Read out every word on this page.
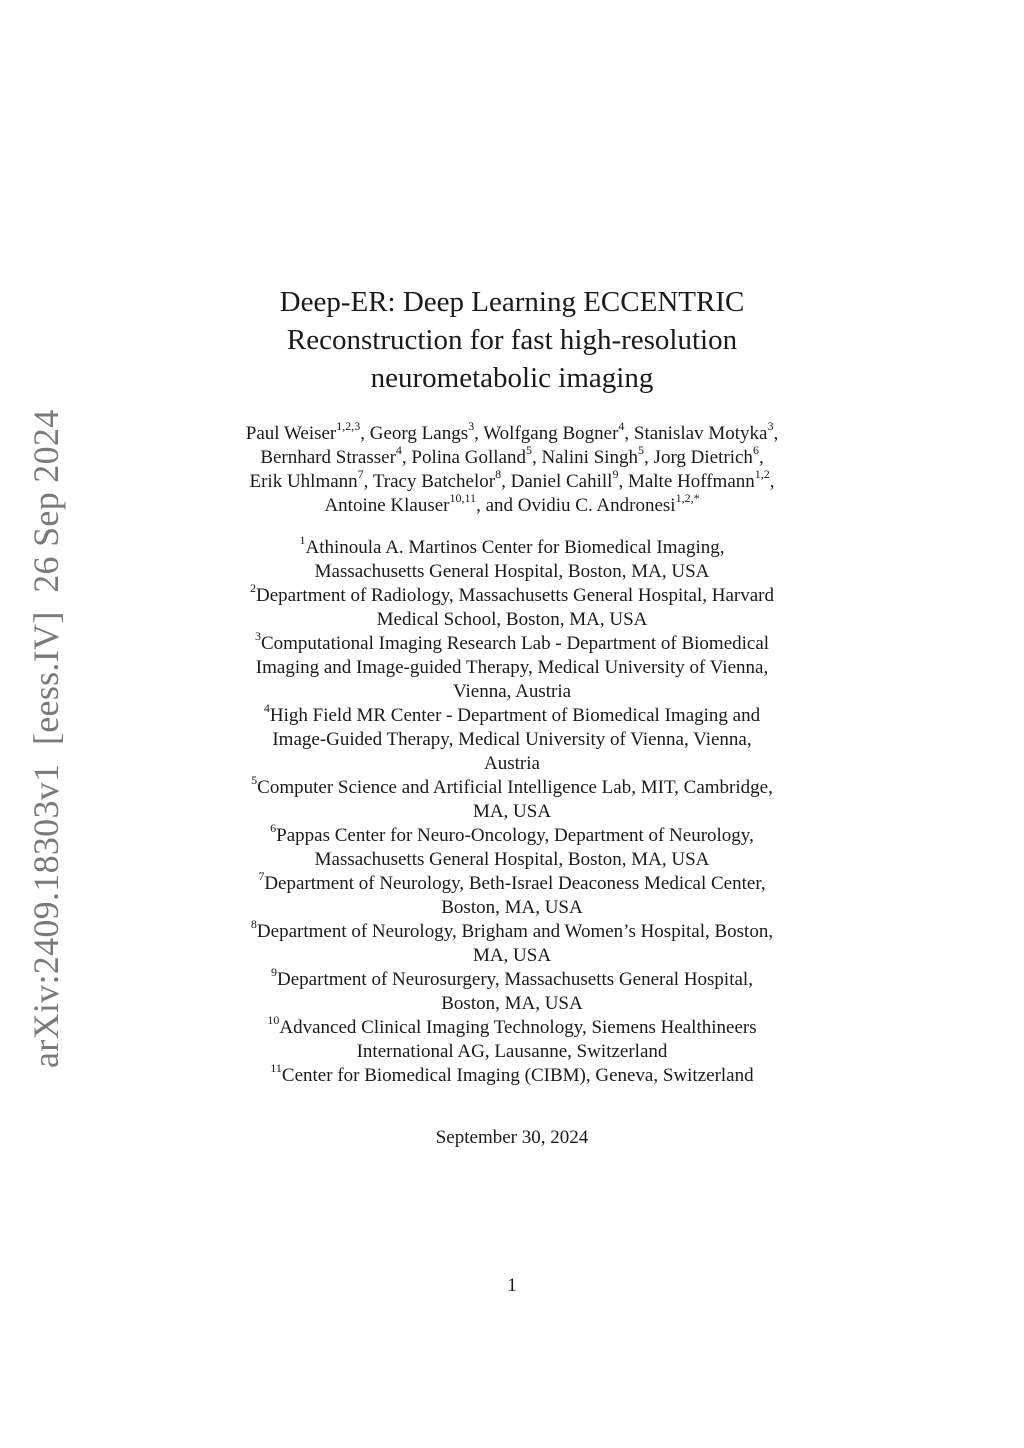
arXiv:2409.18303v1  [eess.IV]  26 Sep 2024
Deep-ER: Deep Learning ECCENTRIC
Reconstruction for fast high-resolution
neurometabolic imaging
Paul Weiser$^{1,2,3}$, Georg Langs$^3$, Wolfgang Bogner$^4$, Stanislav Motyka$^3$,
Bernhard Strasser$^4$, Polina Golland$^5$, Nalini Singh$^5$, Jorg Dietrich$^6$,
Erik Uhlmann$^7$, Tracy Batchelor$^8$, Daniel Cahill$^9$, Malte Hoffmann$^{1,2}$,
Antoine Klauser$^{10,11}$, and Ovidiu C. Andronesi$^{1,2,*}$
$^1$Athinoula A. Martinos Center for Biomedical Imaging,
Massachusetts General Hospital, Boston, MA, USA
$^2$Department of Radiology, Massachusetts General Hospital, Harvard
Medical School, Boston, MA, USA
$^3$Computational Imaging Research Lab - Department of Biomedical
Imaging and Image-guided Therapy, Medical University of Vienna,
Vienna, Austria
$^4$High Field MR Center - Department of Biomedical Imaging and
Image-Guided Therapy, Medical University of Vienna, Vienna,
Austria
$^5$Computer Science and Artificial Intelligence Lab, MIT, Cambridge,
MA, USA
$^6$Pappas Center for Neuro-Oncology, Department of Neurology,
Massachusetts General Hospital, Boston, MA, USA
$^7$Department of Neurology, Beth-Israel Deaconess Medical Center,
Boston, MA, USA
$^8$Department of Neurology, Brigham and Women’s Hospital, Boston,
MA, USA
$^9$Department of Neurosurgery, Massachusetts General Hospital,
Boston, MA, USA
$^{10}$Advanced Clinical Imaging Technology, Siemens Healthineers
International AG, Lausanne, Switzerland
$^{11}$Center for Biomedical Imaging (CIBM), Geneva, Switzerland
September 30, 2024
1
